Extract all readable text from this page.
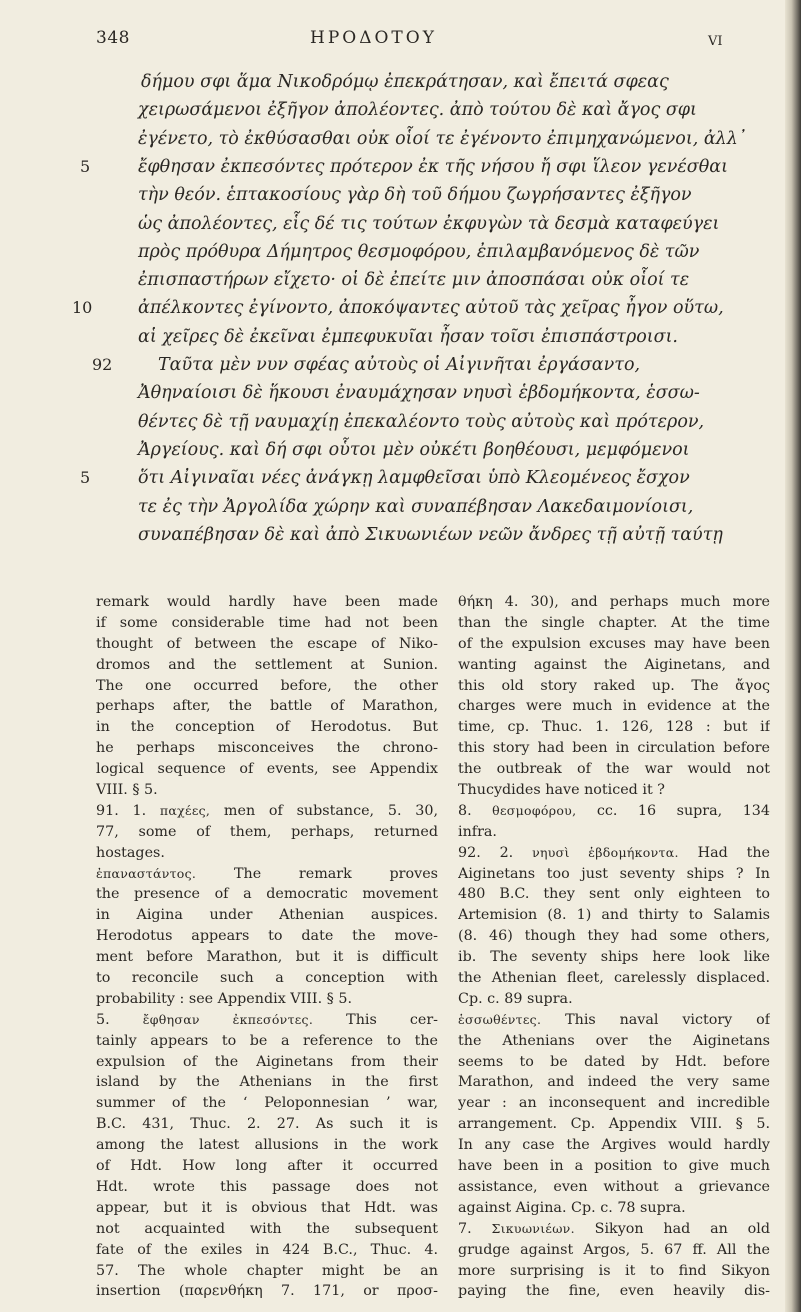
348	ΗΡΟΔΟΤΟΥ	VI
δήμου σφι ἅμα Νικοδρόμῳ ἐπεκράτησαν, καὶ ἔπειτά σφεας
χειρωσάμενοι ἐξῆγον ἀπολέοντες. ἀπὸ τούτου δὲ καὶ ἄγος σφι
ἐγένετο, τὸ ἐκθύσασθαι οὐκ οἷοί τε ἐγένοντο ἐπιμηχανώμενοι, ἀλλ᾽
5	ἔφθησαν ἐκπεσόντες πρότερον ἐκ τῆς νήσου ἤ σφι ἵλεον γενέσθαι
τὴν θεόν. ἑπτακοσίους γὰρ δὴ τοῦ δήμου ζωγρήσαντες ἐξῆγον
ὡς ἀπολέοντες, εἷς δέ τις τούτων ἐκφυγὼν τὰ δεσμὰ καταφεύγει
πρὸς πρόθυρα Δήμητρος θεσμοφόρου, ἐπιλαμβανόμενος δὲ τῶν
ἐπισπαστήρων εἴχετο· οἱ δὲ ἐπείτε μιν ἀποσπάσαι οὐκ οἷοί τε
10	ἀπέλκοντες ἐγίνοντο, ἀποκόψαντες αὐτοῦ τὰς χεῖρας ἦγον οὕτω,
αἱ χεῖρες δὲ ἐκεῖναι ἐμπεφυκυῖαι ἦσαν τοῖσι ἐπισπάστροισι.
92	Ταῦτα μὲν νυν σφέας αὐτοὺς οἱ Αἰγινῆται ἐργάσαντο,
Ἀθηναίοισι δὲ ἥκουσι ἐναυμάχησαν νηυσὶ ἑβδομήκοντα, ἑσσω-
θέντες δὲ τῇ ναυμαχίῃ ἐπεκαλέοντο τοὺς αὐτοὺς καὶ πρότερον,
Ἀργείους. καὶ δή σφι οὗτοι μὲν οὐκέτι βοηθέουσι, μεμφόμενοι
5	ὅτι Αἰγιναῖαι νέες ἀνάγκῃ λαμφθεῖσαι ὑπὸ Κλεομένεος ἔσχον
τε ἐς τὴν Ἀργολίδα χώρην καὶ συναπέβησαν Λακεδαιμονίοισι,
συναπέβησαν δὲ καὶ ἀπὸ Σικυωνιέων νεῶν ἄνδρες τῇ αὐτῇ ταύτῃ
remark would hardly have been made
if some considerable time had not been
thought of between the escape of Niko-
dromos and the settlement at Sunion.
The one occurred before, the other
perhaps after, the battle of Marathon,
in the conception of Herodotus. But
he perhaps misconceives the chrono-
logical sequence of events, see Appendix
VIII. § 5.
91. 1. παχέες, men of substance, 5. 30,
77, some of them, perhaps, returned
hostages.
ἐπαναστάντος. The remark proves
the presence of a democratic movement
in Aigina under Athenian auspices.
Herodotus appears to date the move-
ment before Marathon, but it is difficult
to reconcile such a conception with
probability : see Appendix VIII. § 5.
5. ἔφθησαν ἐκπεσόντες. This cer-
tainly appears to be a reference to the
expulsion of the Aiginetans from their
island by the Athenians in the first
summer of the ‘ Peloponnesian ’ war,
B.C. 431, Thuc. 2. 27. As such it is
among the latest allusions in the work
of Hdt. How long after it occurred
Hdt. wrote this passage does not
appear, but it is obvious that Hdt. was
not acquainted with the subsequent
fate of the exiles in 424 B.C., Thuc. 4.
57. The whole chapter might be an
insertion (παρενθήκη 7. 171, or προσ-
θήκη 4. 30), and perhaps much more
than the single chapter. At the time
of the expulsion excuses may have been
wanting against the Aiginetans, and
this old story raked up. The ἄγος
charges were much in evidence at the
time, cp. Thuc. 1. 126, 128 : but if
this story had been in circulation before
the outbreak of the war would not
Thucydides have noticed it ?
8. θεσμοφόρου, cc. 16 supra, 134
infra.
92. 2. νηυσὶ ἑβδομήκοντα. Had the
Aiginetans too just seventy ships ? In
480 B.C. they sent only eighteen to
Artemision (8. 1) and thirty to Salamis
(8. 46) though they had some others,
ib. The seventy ships here look like
the Athenian fleet, carelessly displaced.
Cp. c. 89 supra.
ἑσσωθέντες. This naval victory of
the Athenians over the Aiginetans
seems to be dated by Hdt. before
Marathon, and indeed the very same
year : an inconsequent and incredible
arrangement. Cp. Appendix VIII. § 5.
In any case the Argives would hardly
have been in a position to give much
assistance, even without a grievance
against Aigina. Cp. c. 78 supra.
7. Σικυωνιέων. Sikyon had an old
grudge against Argos, 5. 67 ff. All the
more surprising is it to find Sikyon
paying the fine, even heavily dis-
